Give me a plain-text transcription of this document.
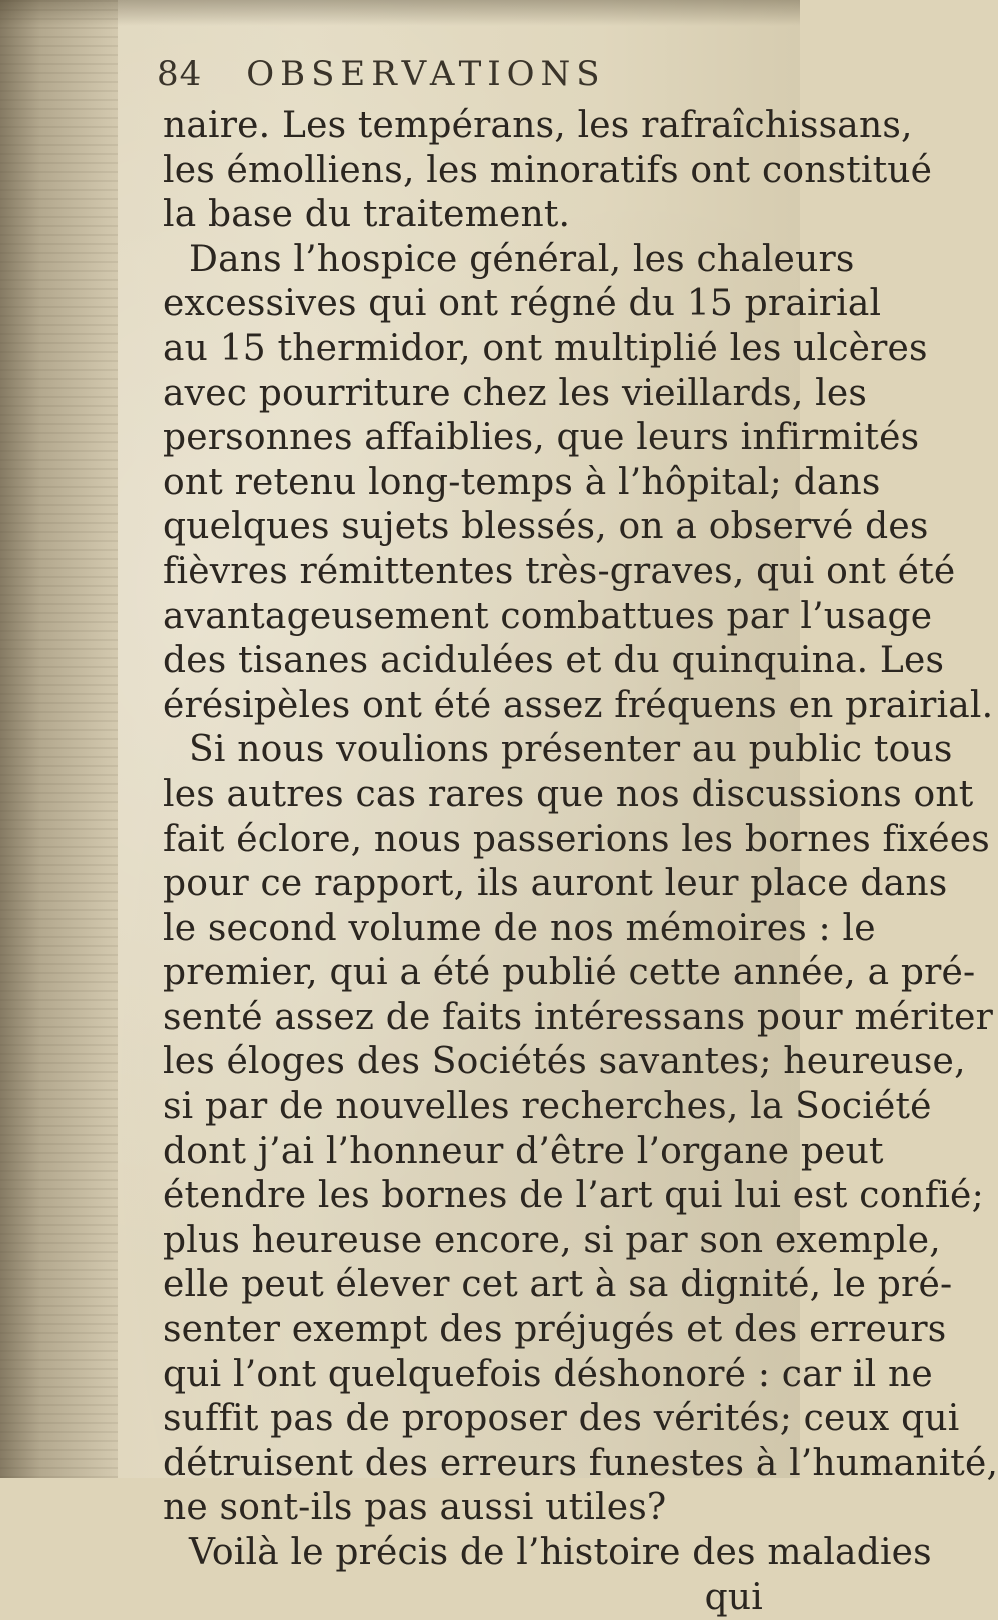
84 OBSERVATIONS
naire. Les tempérans, les rafraîchissans,
les émolliens, les minoratifs ont constitué
la base du traitement.
Dans l’hospice général, les chaleurs
excessives qui ont régné du 15 prairial
au 15 thermidor, ont multiplié les ulcères
avec pourriture chez les vieillards, les
personnes affaiblies, que leurs infirmités
ont retenu long-temps à l’hôpital; dans
quelques sujets blessés, on a observé des
fièvres rémittentes très-graves, qui ont été
avantageusement combattues par l’usage
des tisanes acidulées et du quinquina. Les
érésipèles ont été assez fréquens en prairial.
Si nous voulions présenter au public tous
les autres cas rares que nos discussions ont
fait éclore, nous passerions les bornes fixées
pour ce rapport, ils auront leur place dans
le second volume de nos mémoires : le
premier, qui a été publié cette année, a pré-
senté assez de faits intéressans pour mériter
les éloges des Sociétés savantes; heureuse,
si par de nouvelles recherches, la Société
dont j’ai l’honneur d’être l’organe peut
étendre les bornes de l’art qui lui est confié;
plus heureuse encore, si par son exemple,
elle peut élever cet art à sa dignité, le pré-
senter exempt des préjugés et des erreurs
qui l’ont quelquefois déshonoré : car il ne
suffit pas de proposer des vérités; ceux qui
détruisent des erreurs funestes à l’humanité,
ne sont-ils pas aussi utiles?
Voilà le précis de l’histoire des maladies
qui
